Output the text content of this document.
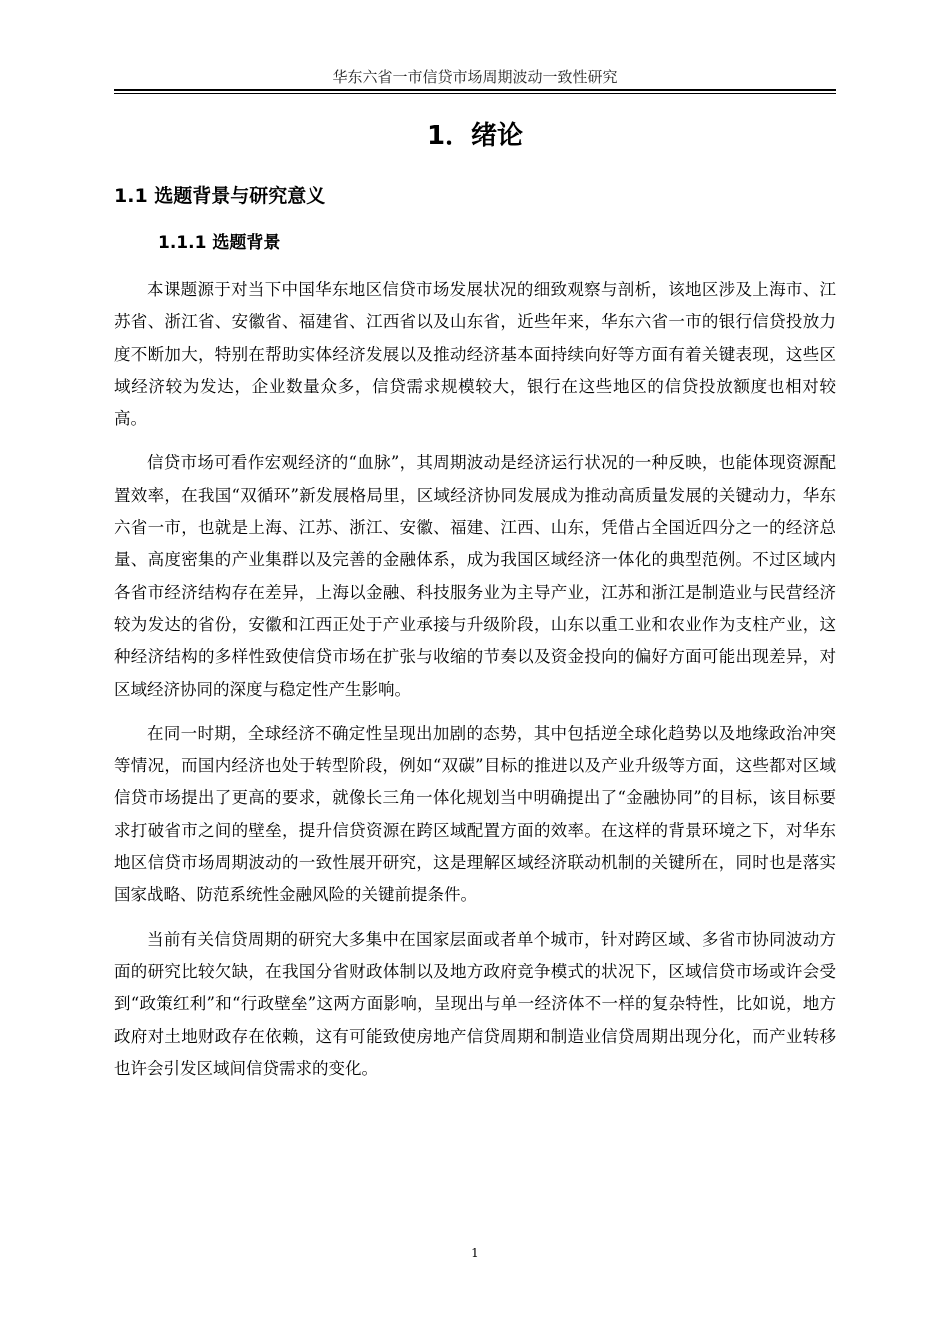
华东六省一市信贷市场周期波动一致性研究
1．绪论
1.1 选题背景与研究意义
1.1.1 选题背景

本课题源于对当下中国华东地区信贷市场发展状况的细致观察与剖析，该地区涉及上海市、江苏省、浙江省、安徽省、福建省、江西省以及山东省，近些年来，华东六省一市的银行信贷投放力度不断加大，特别在帮助实体经济发展以及推动经济基本面持续向好等方面有着关键表现，这些区域经济较为发达，企业数量众多，信贷需求规模较大，银行在这些地区的信贷投放额度也相对较高。

信贷市场可看作宏观经济的“血脉”，其周期波动是经济运行状况的一种反映，也能体现资源配置效率，在我国“双循环”新发展格局里，区域经济协同发展成为推动高质量发展的关键动力，华东六省一市，也就是上海、江苏、浙江、安徽、福建、江西、山东，凭借占全国近四分之一的经济总量、高度密集的产业集群以及完善的金融体系，成为我国区域经济一体化的典型范例。不过区域内各省市经济结构存在差异，上海以金融、科技服务业为主导产业，江苏和浙江是制造业与民营经济较为发达的省份，安徽和江西正处于产业承接与升级阶段，山东以重工业和农业作为支柱产业，这种经济结构的多样性致使信贷市场在扩张与收缩的节奏以及资金投向的偏好方面可能出现差异，对区域经济协同的深度与稳定性产生影响。

在同一时期，全球经济不确定性呈现出加剧的态势，其中包括逆全球化趋势以及地缘政治冲突等情况，而国内经济也处于转型阶段，例如“双碳”目标的推进以及产业升级等方面，这些都对区域信贷市场提出了更高的要求，就像长三角一体化规划当中明确提出了“金融协同”的目标，该目标要求打破省市之间的壁垒，提升信贷资源在跨区域配置方面的效率。在这样的背景环境之下，对华东地区信贷市场周期波动的一致性展开研究，这是理解区域经济联动机制的关键所在，同时也是落实国家战略、防范系统性金融风险的关键前提条件。

当前有关信贷周期的研究大多集中在国家层面或者单个城市，针对跨区域、多省市协同波动方面的研究比较欠缺，在我国分省财政体制以及地方政府竞争模式的状况下，区域信贷市场或许会受到“政策红利”和“行政壁垒”这两方面影响，呈现出与单一经济体不一样的复杂特性，比如说，地方政府对土地财政存在依赖，这有可能致使房地产信贷周期和制造业信贷周期出现分化，而产业转移也许会引发区域间信贷需求的变化。

1
